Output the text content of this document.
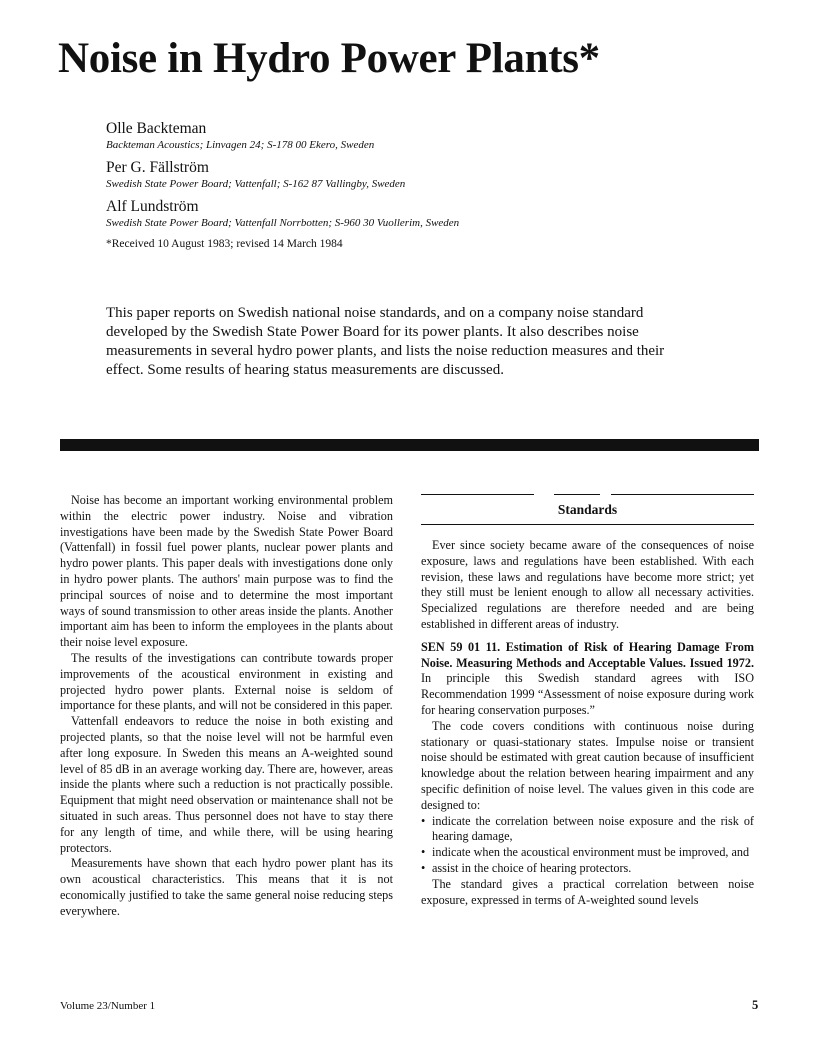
Noise in Hydro Power Plants*
Olle Backteman
Backteman Acoustics; Linvagen 24; S-178 00 Ekero, Sweden
Per G. Fällström
Swedish State Power Board; Vattenfall; S-162 87 Vallingby, Sweden
Alf Lundström
Swedish State Power Board; Vattenfall Norrbotten; S-960 30 Vuollerim, Sweden
*Received 10 August 1983; revised 14 March 1984

This paper reports on Swedish national noise standards, and on a company noise standard developed by the Swedish State Power Board for its power plants. It also describes noise measurements in several hydro power plants, and lists the noise reduction measures and their effect. Some results of hearing status measurements are discussed.

Noise has become an important working environmental problem within the electric power industry. Noise and vibration investigations have been made by the Swedish State Power Board (Vattenfall) in fossil fuel power plants, nuclear power plants and hydro power plants. This paper deals with investigations done only in hydro power plants. The authors' main purpose was to find the principal sources of noise and to determine the most important ways of sound transmission to other areas inside the plants. Another important aim has been to inform the employees in the plants about their noise level exposure.

The results of the investigations can contribute towards proper improvements of the acoustical environment in existing and projected hydro power plants. External noise is seldom of importance for these plants, and will not be considered in this paper.

Vattenfall endeavors to reduce the noise in both existing and projected plants, so that the noise level will not be harmful even after long exposure. In Sweden this means an A-weighted sound level of 85 dB in an average working day. There are, however, areas inside the plants where such a reduction is not practically possible. Equipment that might need observation or maintenance shall not be situated in such areas. Thus personnel does not have to stay there for any length of time, and while there, will be using hearing protectors.

Measurements have shown that each hydro power plant has its own acoustical characteristics. This means that it is not economically justified to take the same general noise reducing steps everywhere.

Standards

Ever since society became aware of the consequences of noise exposure, laws and regulations have been established. With each revision, these laws and regulations have become more strict; yet they still must be lenient enough to allow all necessary activities. Specialized regulations are therefore needed and are being established in different areas of industry.

SEN 59 01 11. Estimation of Risk of Hearing Damage From Noise. Measuring Methods and Acceptable Values. Issued 1972. In principle this Swedish standard agrees with ISO Recommendation 1999 “Assessment of noise exposure during work for hearing conservation purposes.”

The code covers conditions with continuous noise during stationary or quasi-stationary states. Impulse noise or transient noise should be estimated with great caution because of insufficient knowledge about the relation between hearing impairment and any specific definition of noise level. The values given in this code are designed to:

• indicate the correlation between noise exposure and the risk of hearing damage,
• indicate when the acoustical environment must be improved, and
• assist in the choice of hearing protectors.

The standard gives a practical correlation between noise exposure, expressed in terms of A-weighted sound levels

Volume 23/Number 1	5
